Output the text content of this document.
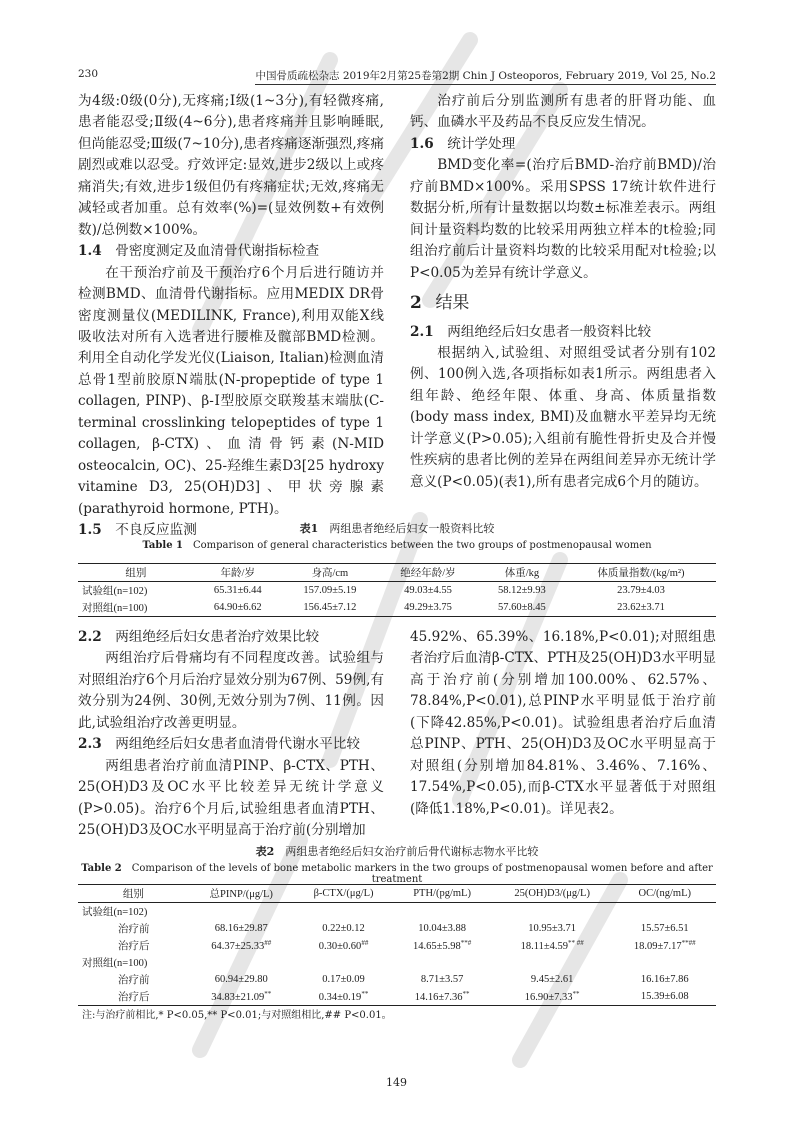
230	中国骨质疏松杂志 2019年2月第25卷第2期 Chin J Osteoporos, February 2019, Vol 25, No.2

为4级:0级(0分),无疼痛;Ⅰ级(1~3分),有轻微疼痛,患者能忍受;Ⅱ级(4~6分),患者疼痛并且影响睡眠,但尚能忍受;Ⅲ级(7~10分),患者疼痛逐渐强烈,疼痛剧烈或难以忍受。疗效评定:显效,进步2级以上或疼痛消失;有效,进步1级但仍有疼痛症状;无效,疼痛无减轻或者加重。总有效率(%)=(显效例数+有效例数)/总例数×100%。

1.4 骨密度测定及血清骨代谢指标检查

在干预治疗前及干预治疗6个月后进行随访并检测BMD、血清骨代谢指标。应用MEDIX DR骨密度测量仪(MEDILINK, France),利用双能X线吸收法对所有入选者进行腰椎及髋部BMD检测。利用全自动化学发光仪(Liaison, Italian)检测血清总骨1型前胶原N端肽(N-propeptide of type 1 collagen, PINP)、β-Ⅰ型胶原交联羧基末端肽(C-terminal crosslinking telopeptides of type 1 collagen, β-CTX)、血清骨钙素(N-MID osteocalcin, OC)、25-羟维生素D3[25 hydroxy vitamine D3, 25(OH)D3]、甲状旁腺素(parathyroid hormone, PTH)。

1.5 不良反应监测

治疗前后分别监测所有患者的肝肾功能、血钙、血磷水平及药品不良反应发生情况。

1.6 统计学处理

BMD变化率=(治疗后BMD-治疗前BMD)/治疗前BMD×100%。采用SPSS 17统计软件进行数据分析,所有计量数据以均数±标准差表示。两组间计量资料均数的比较采用两独立样本的t检验;同组治疗前后计量资料均数的比较采用配对t检验;以P<0.05为差异有统计学意义。

2 结果
2.1 两组绝经后妇女患者一般资料比较

根据纳入,试验组、对照组受试者分别有102例、100例入选,各项指标如表1所示。两组患者入组年龄、绝经年限、体重、身高、体质量指数(body mass index, BMI)及血糖水平差异均无统计学意义(P>0.05);入组前有脆性骨折史及合并慢性疾病的患者比例的差异在两组间差异亦无统计学意义(P<0.05)(表1),所有患者完成6个月的随访。

表1 两组患者绝经后妇女一般资料比较
Table 1 Comparison of general characteristics between the two groups of postmenopausal women
组别	年龄/岁	身高/cm	绝经年龄/岁	体重/kg	体质量指数/(kg/m²)
试验组(n=102)	65.31±6.44	157.09±5.19	49.03±4.55	58.12±9.93	23.79±4.03
对照组(n=100)	64.90±6.62	156.45±7.12	49.29±3.75	57.60±8.45	23.62±3.71
2.2 两组绝经后妇女患者治疗效果比较

两组治疗后骨痛均有不同程度改善。试验组与对照组治疗6个月后治疗显效分别为67例、59例,有效分别为24例、30例,无效分别为7例、11例。因此,试验组治疗改善更明显。

2.3 两组绝经后妇女患者血清骨代谢水平比较

两组患者治疗前血清PINP、β-CTX、PTH、25(OH)D3及OC水平比较差异无统计学意义(P>0.05)。治疗6个月后,试验组患者血清PTH、25(OH)D3及OC水平明显高于治疗前(分别增加

45.92%、65.39%、16.18%,P<0.01);对照组患者治疗后血清β-CTX、PTH及25(OH)D3水平明显高于治疗前(分别增加100.00%、62.57%、78.84%,P<0.01),总PINP水平明显低于治疗前(下降42.85%,P<0.01)。试验组患者治疗后血清总PINP、PTH、25(OH)D3及OC水平明显高于对照组(分别增加84.81%、3.46%、7.16%、17.54%,P<0.05),而β-CTX水平显著低于对照组(降低1.18%,P<0.01)。详见表2。

表2 两组患者绝经后妇女治疗前后骨代谢标志物水平比较
Table 2 Comparison of the levels of bone metabolic markers in the two groups of postmenopausal women before and after treatment
组别	总PINP/(μg/L)	β-CTX/(μg/L)	PTH/(pg/mL)	25(OH)D3/(μg/L)	OC/(ng/mL)
试验组(n=102)					
治疗前	68.16±29.87	0.22±0.12	10.04±3.88	10.95±3.71	15.57±6.51
治疗后	64.37±25.33##	0.30±0.60##	14.65±5.98**#	18.11±4.59** ##	18.09±7.17**##
对照组(n=100)					
治疗前	60.94±29.80	0.17±0.09	8.71±3.57	9.45±2.61	16.16±7.86
治疗后	34.83±21.09**	0.34±0.19**	14.16±7.36**	16.90±7.33**	15.39±6.08
注:与治疗前相比,* P<0.05,** P<0.01;与对照组相比,## P<0.01。
149
